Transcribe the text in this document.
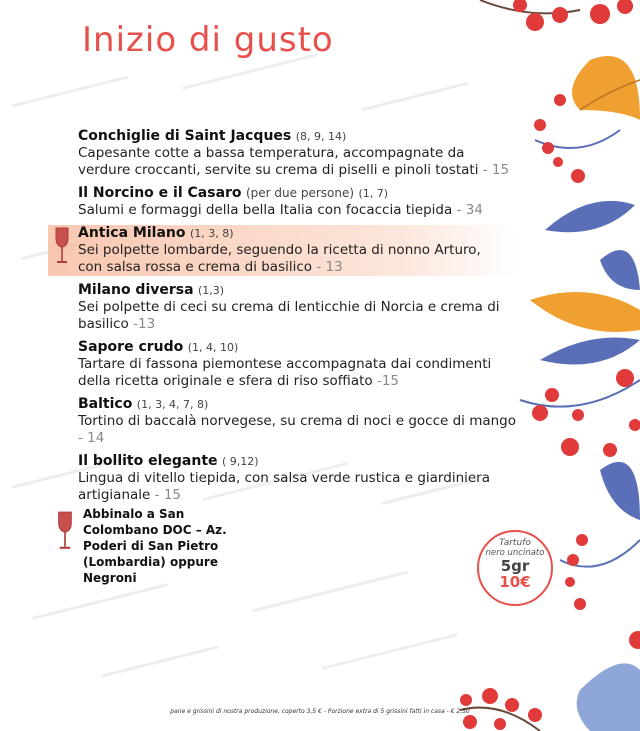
Inizio di gusto
Conchiglie di Saint Jacques (8, 9, 14)
Capesante cotte a bassa temperatura, accompagnate da verdure croccanti, servite su crema di piselli e pinoli tostati - 15
Il Norcino e il Casaro (per due persone) (1, 7)
Salumi e formaggi della bella Italia con focaccia tiepida - 34
Antica Milano (1, 3, 8)
Sei polpette lombarde, seguendo la ricetta di nonno Arturo, con salsa rossa e crema di basilico - 13
Milano diversa (1,3)
Sei polpette di ceci su crema di lenticchie di Norcia e crema di basilico -13
Sapore crudo (1, 4, 10)
Tartare di fassona piemontese accompagnata dai condimenti della ricetta originale e sfera di riso soffiato -15
Baltico (1, 3, 4, 7, 8)
Tortino di baccalà norvegese, su crema di noci e gocce di mango - 14
Il bollito elegante ( 9,12)
Lingua di vitello tiepida, con salsa verde rustica e giardiniera artigianale - 15
Abbinalo a San Colombano DOC – Az. Poderi di San Pietro (Lombardia) oppure Negroni
Tartufo
nero uncinato
5gr
10€
pane e grissini di nostra produzione, coperto 3,5 € - Porzione extra di 5 grissini fatti in casa - € 2,50
